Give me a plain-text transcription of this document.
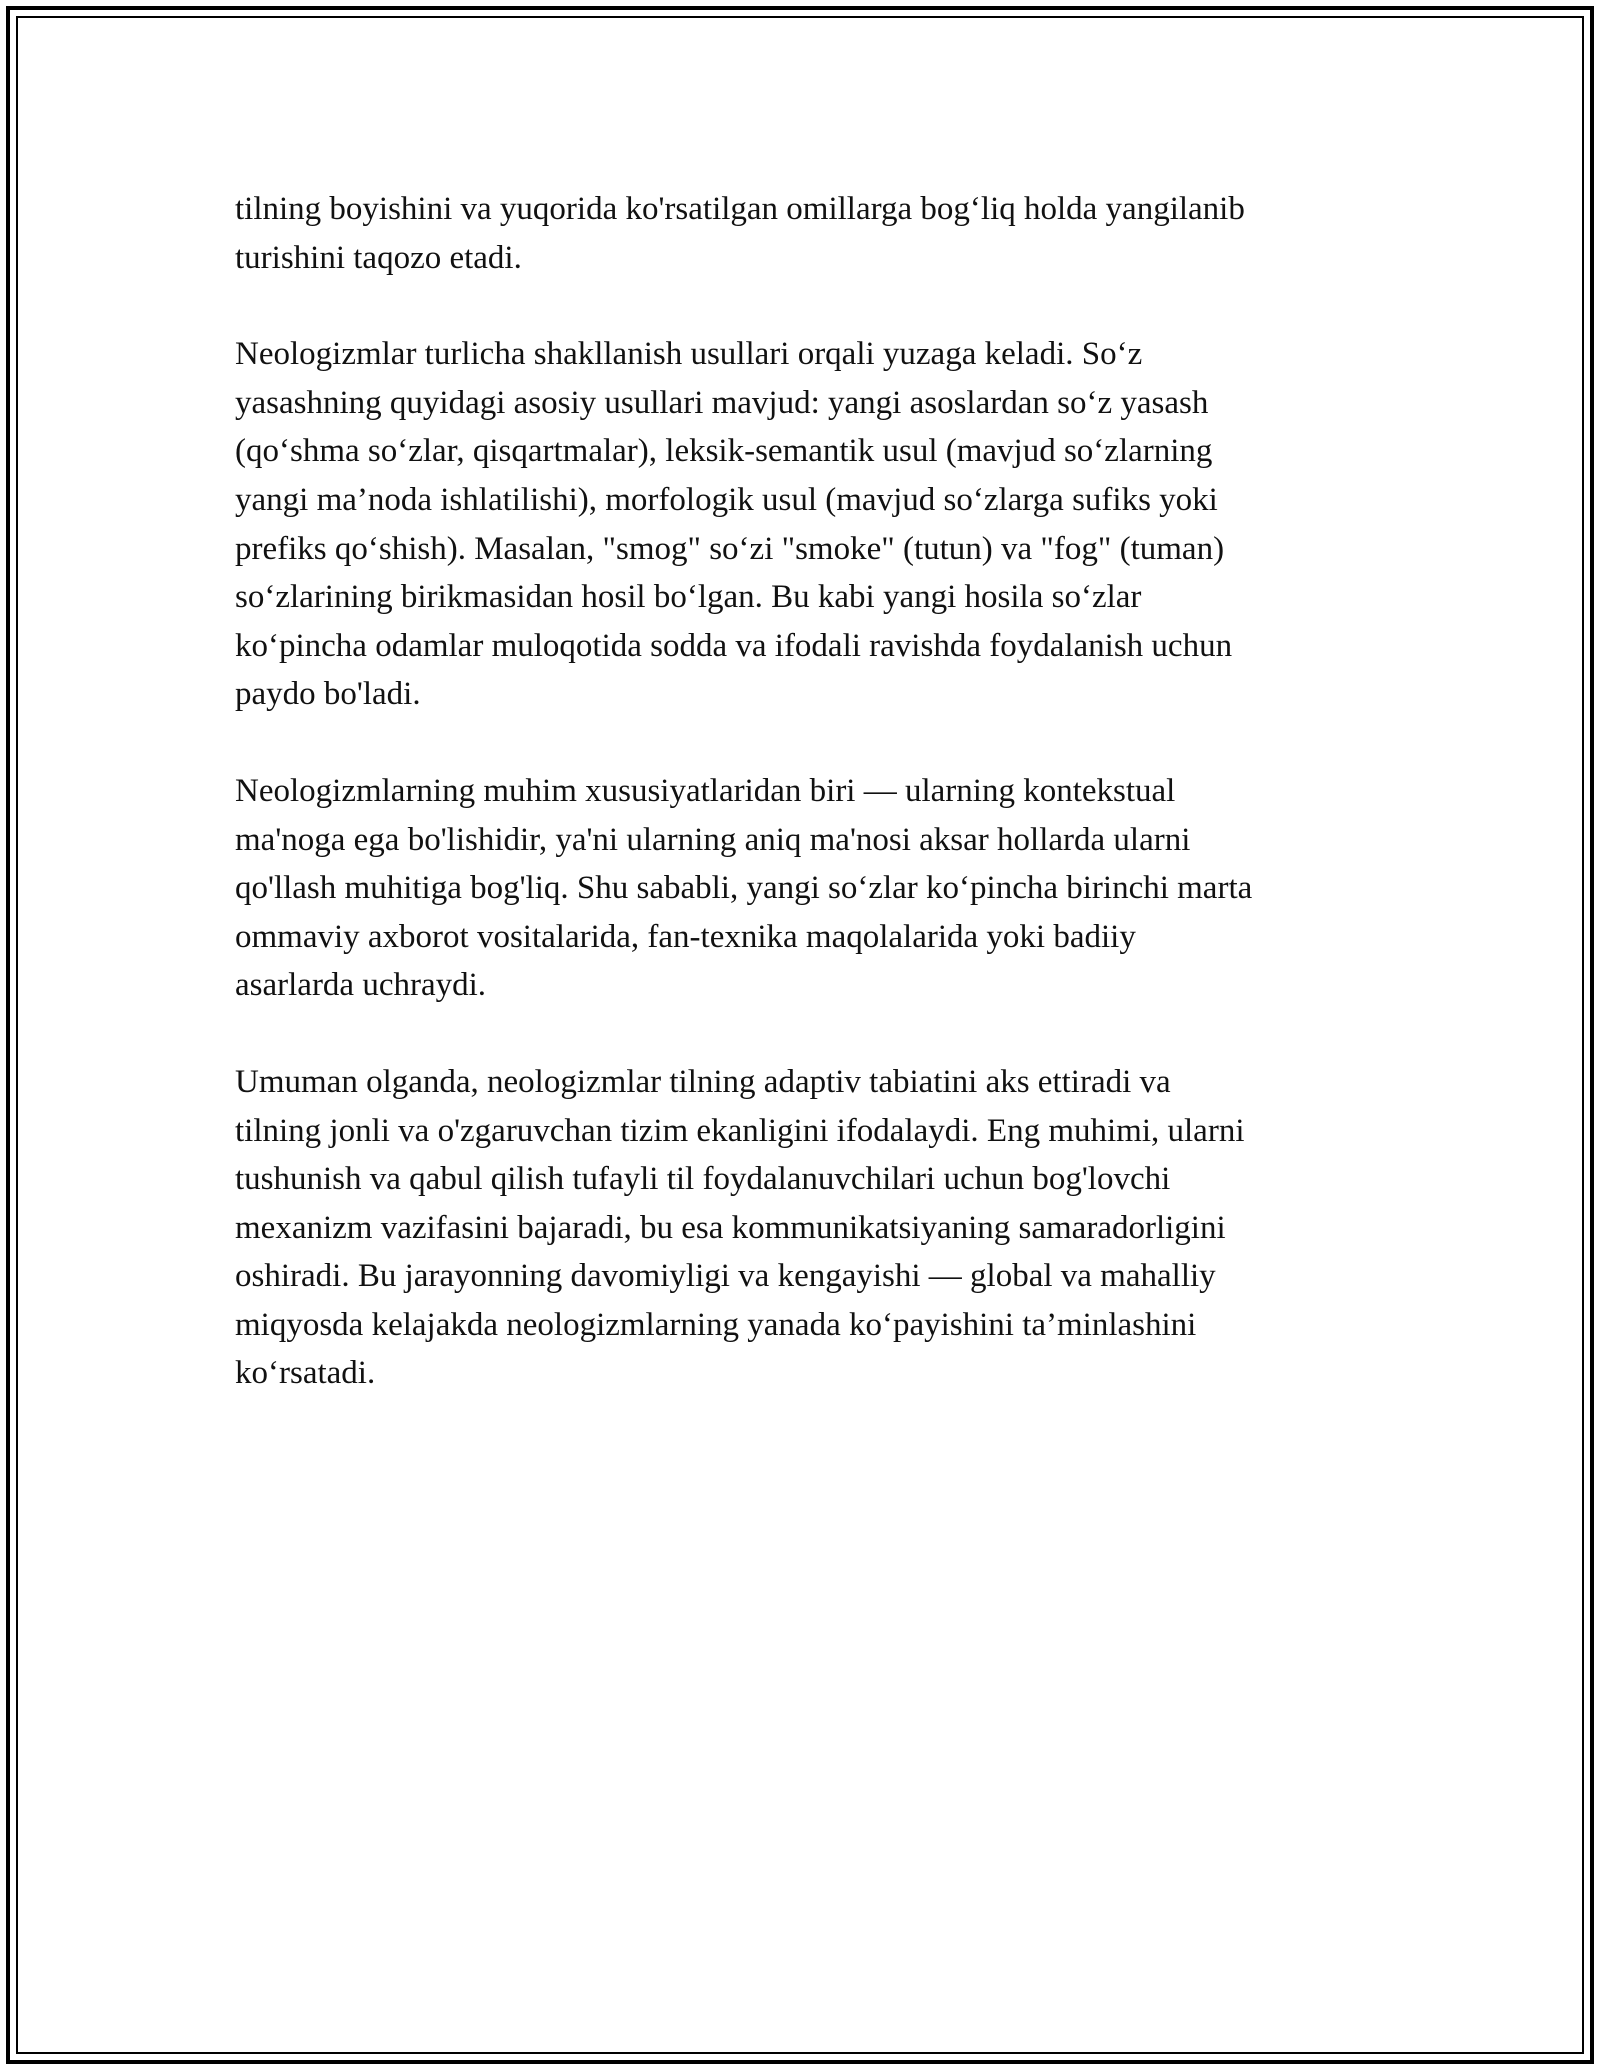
tilning boyishini va yuqorida ko'rsatilgan omillarga bog‘liq holda yangilanib
turishini taqozo etadi.

Neologizmlar turlicha shakllanish usullari orqali yuzaga keladi. So‘z
yasashning quyidagi asosiy usullari mavjud: yangi asoslardan so‘z yasash
(qo‘shma so‘zlar, qisqartmalar), leksik-semantik usul (mavjud so‘zlarning
yangi ma’noda ishlatilishi), morfologik usul (mavjud so‘zlarga sufiks yoki
prefiks qo‘shish). Masalan, "smog" so‘zi "smoke" (tutun) va "fog" (tuman)
so‘zlarining birikmasidan hosil bo‘lgan. Bu kabi yangi hosila so‘zlar
ko‘pincha odamlar muloqotida sodda va ifodali ravishda foydalanish uchun
paydo bo'ladi.

Neologizmlarning muhim xususiyatlaridan biri — ularning kontekstual
ma'noga ega bo'lishidir, ya'ni ularning aniq ma'nosi aksar hollarda ularni
qo'llash muhitiga bog'liq. Shu sababli, yangi so‘zlar ko‘pincha birinchi marta
ommaviy axborot vositalarida, fan-texnika maqolalarida yoki badiiy
asarlarda uchraydi.

Umuman olganda, neologizmlar tilning adaptiv tabiatini aks ettiradi va
tilning jonli va o'zgaruvchan tizim ekanligini ifodalaydi. Eng muhimi, ularni
tushunish va qabul qilish tufayli til foydalanuvchilari uchun bog'lovchi
mexanizm vazifasini bajaradi, bu esa kommunikatsiyaning samaradorligini
oshiradi. Bu jarayonning davomiyligi va kengayishi — global va mahalliy
miqyosda kelajakda neologizmlarning yanada ko‘payishini ta’minlashini
ko‘rsatadi.
